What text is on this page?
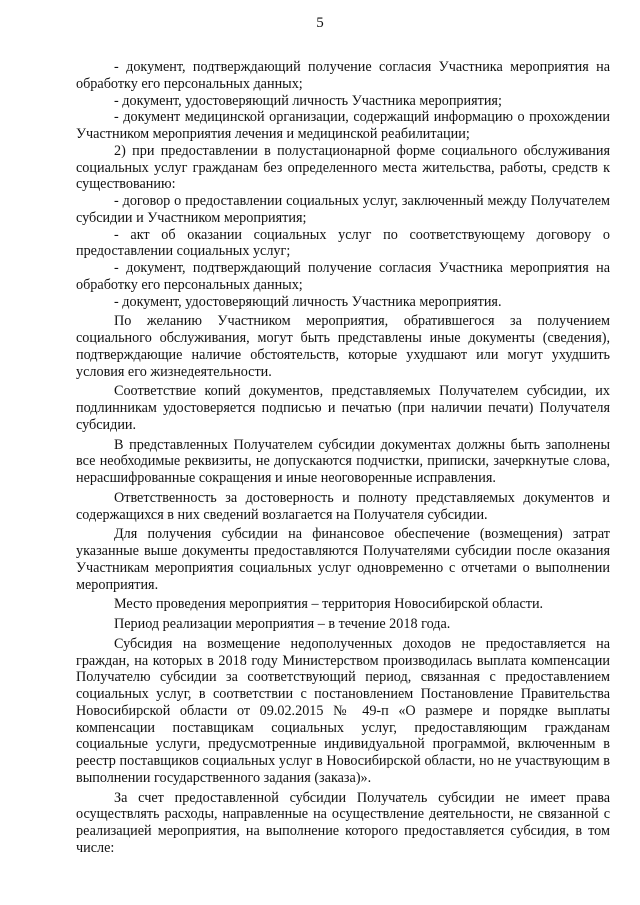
5

- документ, подтверждающий получение согласия Участника мероприятия на обработку его персональных данных;

- документ, удостоверяющий личность Участника мероприятия;

- документ медицинской организации, содержащий информацию о прохождении Участником мероприятия лечения и медицинской реабилитации;

2) при предоставлении в полустационарной форме социального обслуживания социальных услуг гражданам без определенного места жительства, работы, средств к существованию:

- договор о предоставлении социальных услуг, заключенный между Получателем субсидии и Участником мероприятия;

- акт об оказании социальных услуг по соответствующему договору о предоставлении социальных услуг;

- документ, подтверждающий получение согласия Участника мероприятия на обработку его персональных данных;

- документ, удостоверяющий личность Участника мероприятия.

По желанию Участником мероприятия, обратившегося за получением социального обслуживания, могут быть представлены иные документы (сведения), подтверждающие наличие обстоятельств, которые ухудшают или могут ухудшить условия его жизнедеятельности.

Соответствие копий документов, представляемых Получателем субсидии, их подлинникам удостоверяется подписью и печатью (при наличии печати) Получателя субсидии.

В представленных Получателем субсидии документах должны быть заполнены все необходимые реквизиты, не допускаются подчистки, приписки, зачеркнутые слова, нерасшифрованные сокращения и иные неоговоренные исправления.

Ответственность за достоверность и полноту представляемых документов и содержащихся в них сведений возлагается на Получателя субсидии.

Для получения субсидии на финансовое обеспечение (возмещения) затрат указанные выше документы предоставляются Получателями субсидии после оказания Участникам мероприятия социальных услуг одновременно с отчетами о выполнении мероприятия.

Место проведения мероприятия – территория Новосибирской области.

Период реализации мероприятия – в течение 2018 года.

Субсидия на возмещение недополученных доходов не предоставляется на граждан, на которых в 2018 году Министерством производилась выплата компенсации Получателю субсидии за соответствующий период, связанная с предоставлением социальных услуг, в соответствии с постановлением Постановление Правительства Новосибирской области от 09.02.2015 № 49-п «О размере и порядке выплаты компенсации поставщикам социальных услуг, предоставляющим гражданам социальные услуги, предусмотренные индивидуальной программой, включенным в реестр поставщиков социальных услуг в Новосибирской области, но не участвующим в выполнении государственного задания (заказа)».

За счет предоставленной субсидии Получатель субсидии не имеет права осуществлять расходы, направленные на осуществление деятельности, не связанной с реализацией мероприятия, на выполнение которого предоставляется субсидия, в том числе:
